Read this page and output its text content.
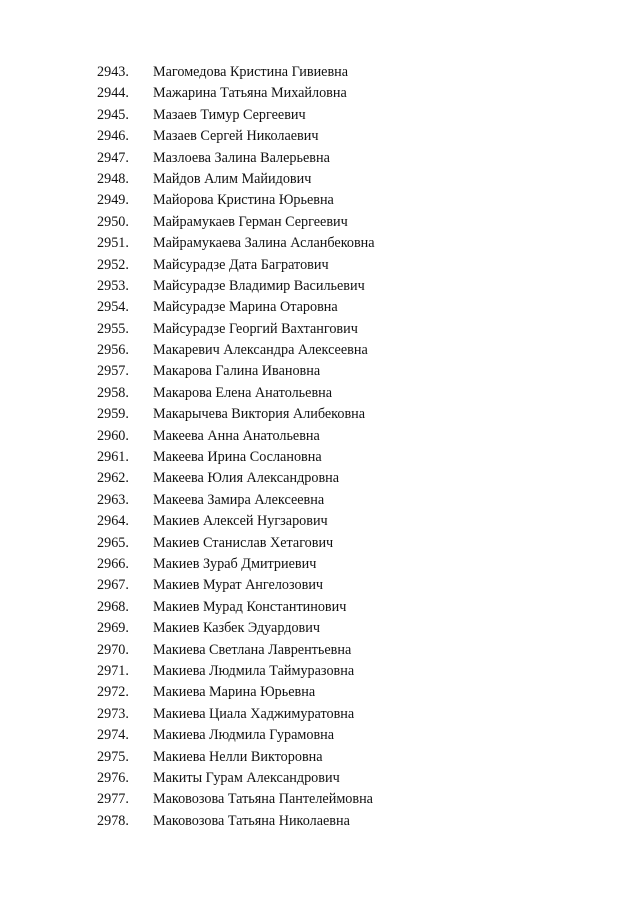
2943.	Магомедова Кристина Гивиевна
2944.	Мажарина Татьяна Михайловна
2945.	Мазаев Тимур Сергеевич
2946.	Мазаев Сергей Николаевич
2947.	Мазлоева Залина Валерьевна
2948.	Майдов Алим Майидович
2949.	Майорова Кристина Юрьевна
2950.	Майрамукаев Герман Сергеевич
2951.	Майрамукаева Залина Асланбековна
2952.	Майсурадзе Дата Багратович
2953.	Майсурадзе Владимир Васильевич
2954.	Майсурадзе Марина Отаровна
2955.	Майсурадзе Георгий Вахтангович
2956.	Макаревич Александра Алексеевна
2957.	Макарова Галина Ивановна
2958.	Макарова Елена Анатольевна
2959.	Макарычева Виктория Алибековна
2960.	Макеева Анна Анатольевна
2961.	Макеева Ирина Сослановна
2962.	Макеева Юлия Александровна
2963.	Макеева Замира Алексеевна
2964.	Макиев Алексей Нугзарович
2965.	Макиев Станислав Хетагович
2966.	Макиев Зураб Дмитриевич
2967.	Макиев Мурат Ангелозович
2968.	Макиев Мурад Константинович
2969.	Макиев Казбек Эдуардович
2970.	Макиева Светлана Лаврентьевна
2971.	Макиева Людмила Таймуразовна
2972.	Макиева Марина Юрьевна
2973.	Макиева Циала Хаджимуратовна
2974.	Макиева Людмила Гурамовна
2975.	Макиева Нелли Викторовна
2976.	Макиты Гурам Александрович
2977.	Маковозова Татьяна Пантелеймовна
2978.	Маковозова Татьяна Николаевна
